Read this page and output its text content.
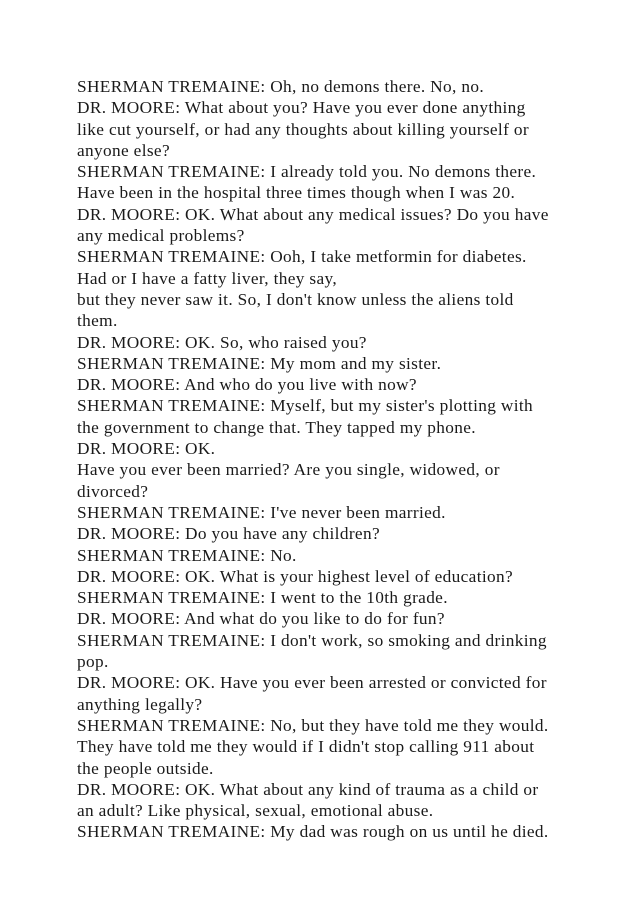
SHERMAN TREMAINE: Oh, no demons there. No, no.
DR. MOORE: What about you? Have you ever done anything
like cut yourself, or had any thoughts about killing yourself or
anyone else?
SHERMAN TREMAINE: I already told you. No demons there.
Have been in the hospital three times though when I was 20.
DR. MOORE: OK. What about any medical issues? Do you have
any medical problems?
SHERMAN TREMAINE: Ooh, I take metformin for diabetes.
Had or I have a fatty liver, they say,
but they never saw it. So, I don't know unless the aliens told
them.
DR. MOORE: OK. So, who raised you?
SHERMAN TREMAINE: My mom and my sister.
DR. MOORE: And who do you live with now?
SHERMAN TREMAINE: Myself, but my sister's plotting with
the government to change that. They tapped my phone.
DR. MOORE: OK.
Have you ever been married? Are you single, widowed, or
divorced?
SHERMAN TREMAINE: I've never been married.
DR. MOORE: Do you have any children?
SHERMAN TREMAINE: No.
DR. MOORE: OK. What is your highest level of education?
SHERMAN TREMAINE: I went to the 10th grade.
DR. MOORE: And what do you like to do for fun?
SHERMAN TREMAINE: I don't work, so smoking and drinking
pop.
DR. MOORE: OK. Have you ever been arrested or convicted for
anything legally?
SHERMAN TREMAINE: No, but they have told me they would.
They have told me they would if I didn't stop calling 911 about
the people outside.
DR. MOORE: OK. What about any kind of trauma as a child or
an adult? Like physical, sexual, emotional abuse.
SHERMAN TREMAINE: My dad was rough on us until he died.
